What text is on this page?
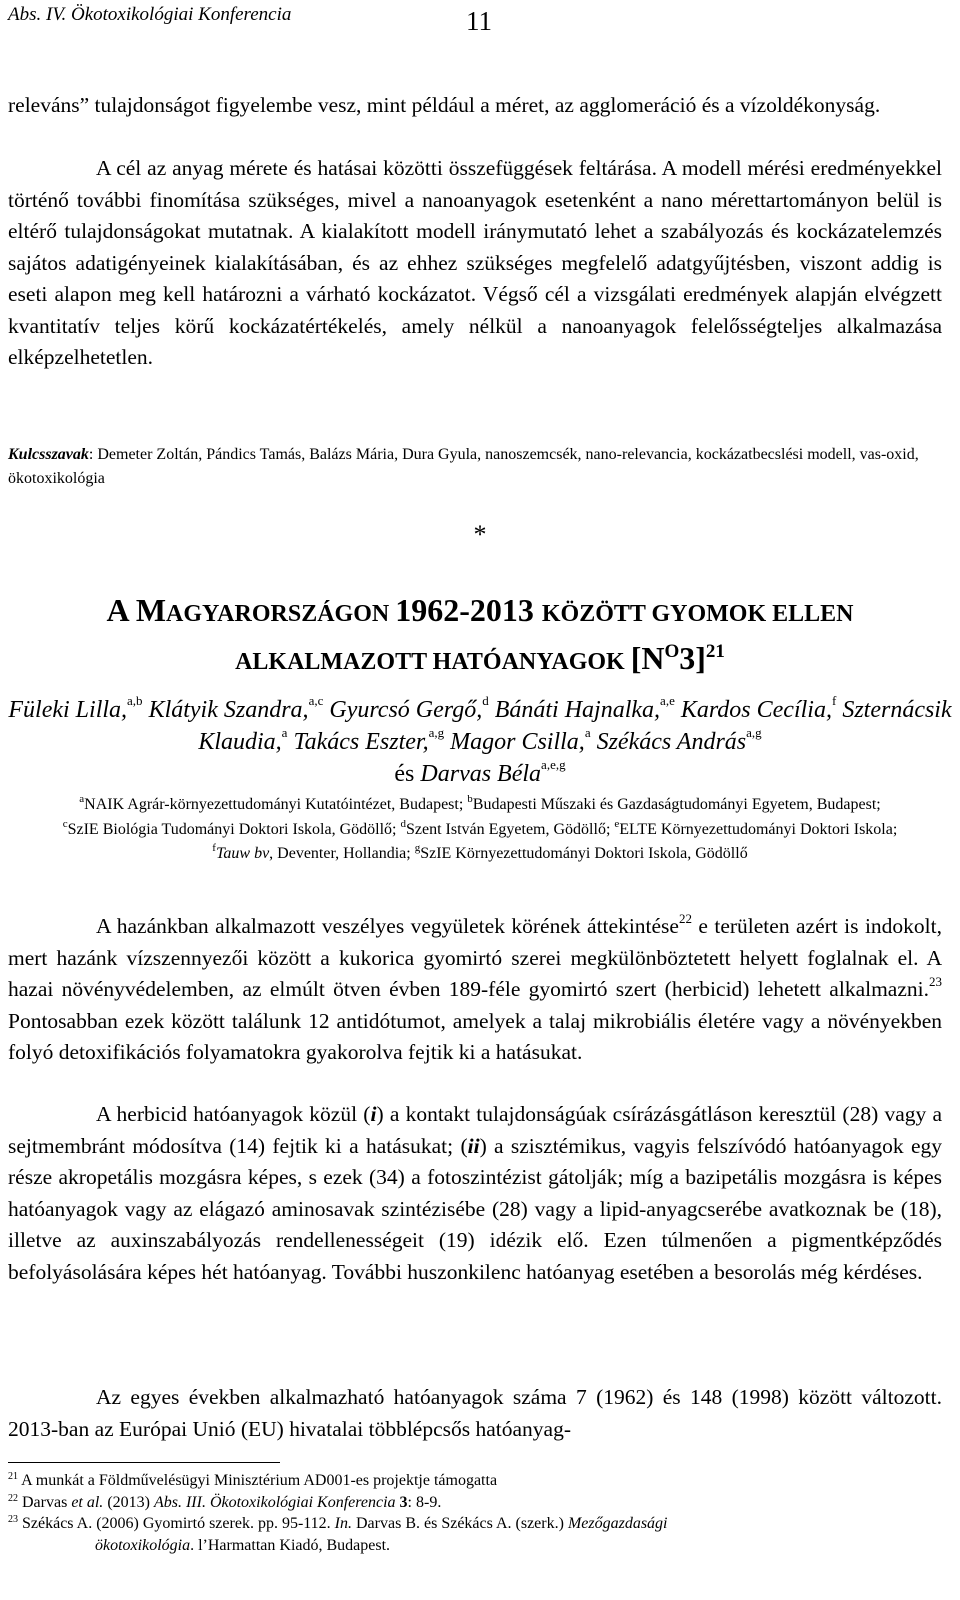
Abs. IV. Ökotoxikológiai Konferencia	11

releváns” tulajdonságot figyelembe vesz, mint például a méret, az agglomeráció és a vízoldékonyság.

A cél az anyag mérete és hatásai közötti összefüggések feltárása. A modell mérési eredményekkel történő további finomítása szükséges, mivel a nanoanyagok esetenként a nano mérettartományon belül is eltérő tulajdonságokat mutatnak. A kialakított modell iránymutató lehet a szabályozás és kockázatelemzés sajátos adatigényeinek kialakításában, és az ehhez szükséges megfelelő adatgyűjtésben, viszont addig is eseti alapon meg kell határozni a várható kockázatot. Végső cél a vizsgálati eredmények alapján elvégzett kvantitatív teljes körű kockázatértékelés, amely nélkül a nanoanyagok felelősségteljes alkalmazása elképzelhetetlen.

Kulcsszavak: Demeter Zoltán, Pándics Tamás, Balázs Mária, Dura Gyula, nanoszemcsék, nano-relevancia, kockázatbecslési modell, vas-oxid, ökotoxikológia

*
A MAGYARORSZÁGON 1962-2013 KÖZÖTT GYOMOK ELLEN
ALKALMAZOTT HATÓANYAGOK $[N^O3]^{21}$

Füleki Lilla,$^{a,b}$ Klátyik Szandra,$^{a,c}$ Gyurcsó Gergő,$^d$ Bánáti Hajnalka,$^{a,e}$ Kardos Cecília,$^f$ Szternácsik Klaudia,$^a$ Takács Eszter,$^{a,g}$ Magor Csilla,$^a$ Székács András$^{a,g}$
és Darvas Béla$^{a,e,g}$

$^a$NAIK Agrár-környezettudományi Kutatóintézet, Budapest; $^b$Budapesti Műszaki és Gazdaságtudományi Egyetem, Budapest;
$^c$SzIE Biológia Tudományi Doktori Iskola, Gödöllő; $^d$Szent István Egyetem, Gödöllő; $^e$ELTE Környezettudományi Doktori Iskola;
$^f$Tauw bv, Deventer, Hollandia; $^g$SzIE Környezettudományi Doktori Iskola, Gödöllő

A hazánkban alkalmazott veszélyes vegyületek körének áttekintése$^{22}$ e területen azért is indokolt, mert hazánk vízszennyezői között a kukorica gyomirtó szerei megkülönböztetett helyett foglalnak el. A hazai növényvédelemben, az elmúlt ötven évben 189-féle gyomirtó szert (herbicid) lehetett alkalmazni.$^{23}$ Pontosabban ezek között találunk 12 antidótumot, amelyek a talaj mikrobiális életére vagy a növényekben folyó detoxifikációs folyamatokra gyakorolva fejtik ki a hatásukat.

A herbicid hatóanyagok közül (i) a kontakt tulajdonságúak csírázásgátláson keresztül (28) vagy a sejtmembránt módosítva (14) fejtik ki a hatásukat; (ii) a szisztémikus, vagyis felszívódó hatóanyagok egy része akropetális mozgásra képes, s ezek (34) a fotoszintézist gátolják; míg a bazipetális mozgásra is képes hatóanyagok vagy az elágazó aminosavak szintézisébe (28) vagy a lipid-anyagcserébe avatkoznak be (18), illetve az auxinszabályozás rendellenességeit (19) idézik elő. Ezen túlmenően a pigmentképződés befolyásolására képes hét hatóanyag. További huszonkilenc hatóanyag esetében a besorolás még kérdéses.

Az egyes években alkalmazható hatóanyagok száma 7 (1962) és 148 (1998) között változott. 2013-ban az Európai Unió (EU) hivatalai többlépcsős hatóanyag-

$^{21}$ A munkát a Földművelésügyi Minisztérium AD001-es projektje támogatta

$^{22}$ Darvas et al. (2013) Abs. III. Ökotoxikológiai Konferencia 3: 8-9.

$^{23}$ Székács A. (2006) Gyomirtó szerek. pp. 95-112. In. Darvas B. és Székács A. (szerk.) Mezőgazdasági

ökotoxikológia. l’Harmattan Kiadó, Budapest.
